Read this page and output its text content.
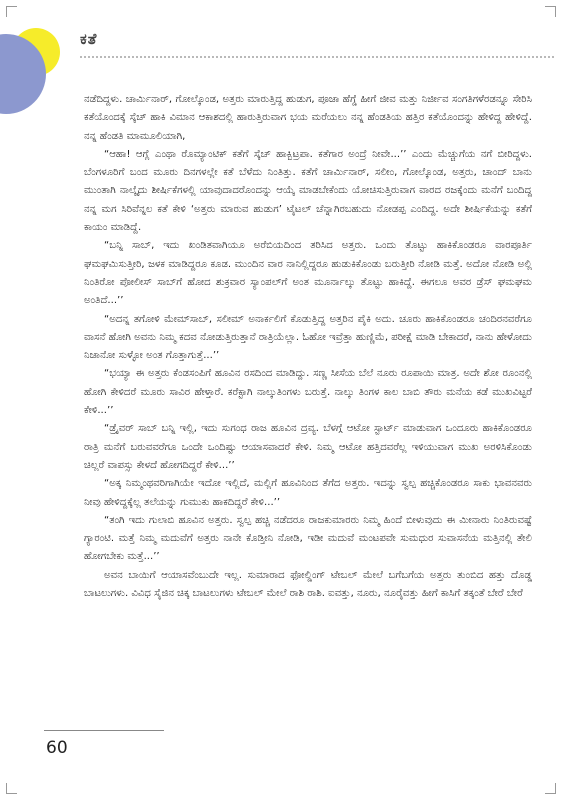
ಕತೆ

ನಡೆದಿದ್ದಳು. ಚಾರ್ಮಿನಾರ್, ಗೋಲ್ಕೊಂಡ, ಅತ್ತರು ಮಾರುತ್ತಿದ್ದ ಹುಡುಗ, ಪೂಜಾ ಹೆಗ್ಡೆ ಹೀಗೆ ಜೀವ ಮತ್ತು ನಿರ್ಜೀವ ಸಂಗತಿಗಳೆರಡನ್ನೂ ಸೇರಿಸಿ ಕತೆಯೊಂದಕ್ಕೆ ಸ್ಕೆಚ್ ಹಾಕಿ ವಿಮಾನ ಆಕಾಶದಲ್ಲಿ ಹಾರುತ್ತಿರುವಾಗ ಭಯ ಮರೆಯಲು ನನ್ನ ಹೆಂಡತಿಯ ಹತ್ತಿರ ಕತೆಯೊಂದನ್ನು ಹೇಳಿದ್ದ ಹೇಳಿದ್ದೆ. ನನ್ನ ಹೆಂಡತಿ ಮಾಮೂಲಿಯಾಗಿ,

“ಆಹಾ! ಆಗ್ಲೆ ಎಂಥಾ ರೊಮ್ಯಾಂಟಿಕ್ ಕತೆಗೆ ಸ್ಕೆಚ್ ಹಾಕ್ಬಿಟ್ರಪಾ. ಕತೆಗಾರ ಅಂದ್ರೆ ನೀವೇ...’’ ಎಂದು ಮೆಚ್ಚುಗೆಯ ನಗೆ ಬೀರಿದ್ದಳು. ಬೆಂಗಳೂರಿಗೆ ಬಂದ ಮೂರು ದಿನಗಳಲ್ಲೇ ಕತೆ ಬೆಳೆದು ನಿಂತಿತ್ತು. ಕತೆಗೆ ಚಾರ್ಮಿನಾರ್, ಸಲೀಂ, ಗೋಲ್ಕೊಂಡ, ಅತ್ತರು, ಚಾಂದ್ ಬಾನು ಮುಂತಾಗಿ ನಾಲ್ಕೈದು ಶೀರ್ಷಿಕೆಗಳಲ್ಲಿ ಯಾವುದಾದರೊಂದನ್ನು ಆಯ್ಕೆ ಮಾಡಬೇಕೆಂದು ಯೋಚಿಸುತ್ತಿರುವಾಗ ವಾರದ ರಜಕ್ಕೆಂದು ಮನೆಗೆ ಬಂದಿದ್ದ ನನ್ನ ಮಗ ಸಿರಿವೆನ್ನಲ ಕತೆ ಕೇಳಿ ‘ಅತ್ತರು ಮಾರುವ ಹುಡುಗ’ ಟೈಟಲ್ ಚೆನ್ನಾಗಿರಬಹುದು ನೋಡಪ್ಪ ಎಂದಿದ್ದ. ಅದೇ ಶೀರ್ಷಿಕೆಯನ್ನು ಕತೆಗೆ ಕಾಯಂ ಮಾಡಿದ್ದೆ.

“ಬನ್ನಿ ಸಾಬ್, ಇದು ಖಂಡಿತವಾಗಿಯೂ ಅರೆಬಿಯದಿಂದ ತರಿಸಿದ ಅತ್ತರು. ಒಂದು ತೊಟ್ಟು ಹಾಕಿಕೊಂಡರೂ ವಾರಪೂರ್ತಿ ಘಮಘಮಿಸುತ್ತೀರಿ, ಜಳಕ ಮಾಡಿದ್ದರೂ ಕೂಡ. ಮುಂದಿನ ವಾರ ನಾನಿಲ್ಲಿದ್ದರೂ ಹುಡುಕಿಕೊಂಡು ಬರುತ್ತೀರಿ ನೋಡಿ ಮತ್ತೆ. ಅದೋ ನೋಡಿ ಅಲ್ಲಿ ನಿಂತಿರೋ ಪೋಲೀಸ್ ಸಾಬ್‌ಗೆ ಹೋದ ಶುಕ್ರವಾರ ಸ್ಯಾಂಪಲ್‌ಗೆ ಅಂತ ಮೂರ್ನಾಲ್ಕು ತೊಟ್ಟು ಹಾಕಿದ್ದೆ. ಈಗಲೂ ಅವರ ಡ್ರೆಸ್ ಘಮಘಮ ಅಂತಿದೆ...’’

“ಅದನ್ನ ತಗೋಳಿ ಮೇಮ್‌ಸಾಬ್, ಸಲೀಮ್ ಅನಾರ್ಕಲಿಗೆ ಕೊಡುತ್ತಿದ್ದ ಅತ್ತರಿನ ಪೈಕಿ ಅದು. ಚೂರು ಹಾಕಿಕೊಂಡರೂ ಚಂದಿರನವರೆಗೂ ವಾಸನೆ ಹೋಗಿ ಅವನು ನಿಮ್ಮ ಕದವ ನೋಡುತ್ತಿರುತ್ತಾನೆ ರಾತ್ರಿಯೆಲ್ಲಾ. ಓಹೋ ಇವ್ರೆತ್ತಾ ಹುಣ್ಣಿಮೆ, ಪರೀಕ್ಷೆ ಮಾಡಿ ಬೇಕಾದರೆ, ನಾನು ಹೇಳೋದು ನಿಜಾನೋ ಸುಳ್ಳೋ ಅಂತ ಗೊತ್ತಾಗುತ್ತೆ...’’

“ಭಯ್ಯಾ ಈ ಅತ್ತರು ಕೆಂಡಸಂಪಿಗೆ ಹೂವಿನ ರಸದಿಂದ ಮಾಡಿದ್ದು. ಸಣ್ಣ ಸೀಸೆಯ ಬೆಲೆ ನೂರು ರೂಪಾಯಿ ಮಾತ್ರ. ಅದೇ ಶೋ ರೂಂನಲ್ಲಿ ಹೋಗಿ ಕೇಳಿದರೆ ಮೂರು ಸಾವಿರ ಹೇಳ್ತಾರೆ. ಕರೆಕ್ಟಾಗಿ ನಾಲ್ಕುತಿಂಗಳು ಬರುತ್ತೆ. ನಾಲ್ಕು ತಿಂಗಳ ಕಾಲ ಬಾಬಿ ತೌರು ಮನೆಯ ಕಡೆ ಮುಖವಿಟ್ಟರೆ ಕೇಳಿ...’’

“ಡ್ರೈವರ್ ಸಾಬ್ ಬನ್ನಿ ಇಲ್ಲಿ, ಇದು ಸುಗಂಧ ರಾಜ ಹೂವಿನ ದ್ರವ್ಯ. ಬೆಳಗ್ಗೆ ಆಟೋ ಸ್ಟಾರ್ಟ್ ಮಾಡುವಾಗ ಒಂದೂರು ಹಾಕಿಕೊಂಡರೂ ರಾತ್ರಿ ಮನೆಗೆ ಬರುವವರೆಗೂ ಒಂದೇ ಒಂದಿಷ್ಟು ಆಯಾಸವಾದರೆ ಕೇಳಿ. ನಿಮ್ಮ ಆಟೋ ಹತ್ತಿದವರೆಲ್ಲ ಇಳಿಯುವಾಗ ಮುಖ ಅರಳಿಸಿಕೊಂಡು ಚಿಲ್ಲರೆ ವಾಪಸ್ಸು ಕೇಳದೆ ಹೋಗದಿದ್ದರೆ ಕೇಳಿ...’’

“ಅಕ್ಕ ನಿಮ್ಮಂಥವರಿಗಾಗಿಯೇ ಇದೋ ಇಲ್ಲಿದೆ, ಮಲ್ಲಿಗೆ ಹೂವಿನಿಂದ ತೆಗೆದ ಅತ್ತರು. ಇದನ್ನು ಸ್ವಲ್ಪ ಹಚ್ಚಿಕೊಂಡರೂ ಸಾಕು ಭಾವನವರು ನೀವು ಹೇಳಿದ್ದಕ್ಕೆಲ್ಲ ತಲೆಯನ್ನು ಗುಮುಕು ಹಾಕದಿದ್ದರೆ ಕೇಳಿ...’’

“ತಂಗಿ ಇದು ಗುಲಾಬಿ ಹೂವಿನ ಅತ್ತರು. ಸ್ವಲ್ಪ ಹಚ್ಚಿ ನಡೆದರೂ ರಾಜಕುಮಾರರು ನಿಮ್ಮ ಹಿಂದೆ ಬೀಳುವುದು ಈ ಮೀನಾರು ನಿಂತಿರುವಷ್ಟೆ ಗ್ಯಾರಂಟಿ. ಮತ್ತೆ ನಿಮ್ಮ ಮದುವೆಗೆ ಅತ್ತರು ನಾನೇ ಕೊಡ್ತೀನಿ ನೋಡಿ, ಇಡೀ ಮದುವೆ ಮಂಟಪವೇ ಸುಮಧುರ ಸುವಾಸನೆಯ ಮತ್ತಿನಲ್ಲಿ ತೇಲಿ ಹೋಗಬೇಕು ಮತ್ತೆ...’’

ಅವನ ಬಾಯಿಗೆ ಆಯಾಸವೆಂಬುದೇ ಇಲ್ಲ. ಸುಮಾರಾದ ಫೋಲ್ಡಿಂಗ್ ಟೇಬಲ್ ಮೇಲೆ ಬಗೆಬಗೆಯ ಅತ್ತರು ತುಂಬಿದ ಹತ್ತು ದೊಡ್ಡ ಬಾಟಲುಗಳು. ವಿವಿಧ ಸೈಜಿನ ಚಿಕ್ಕ ಬಾಟಲುಗಳು ಟೇಬಲ್ ಮೇಲೆ ರಾಶಿ ರಾಶಿ. ಐವತ್ತು, ನೂರು, ನೂರೈವತ್ತು ಹೀಗೆ ಕಾಸಿಗೆ ತಕ್ಕಂತೆ ಬೇರೆ ಬೇರೆ

60
